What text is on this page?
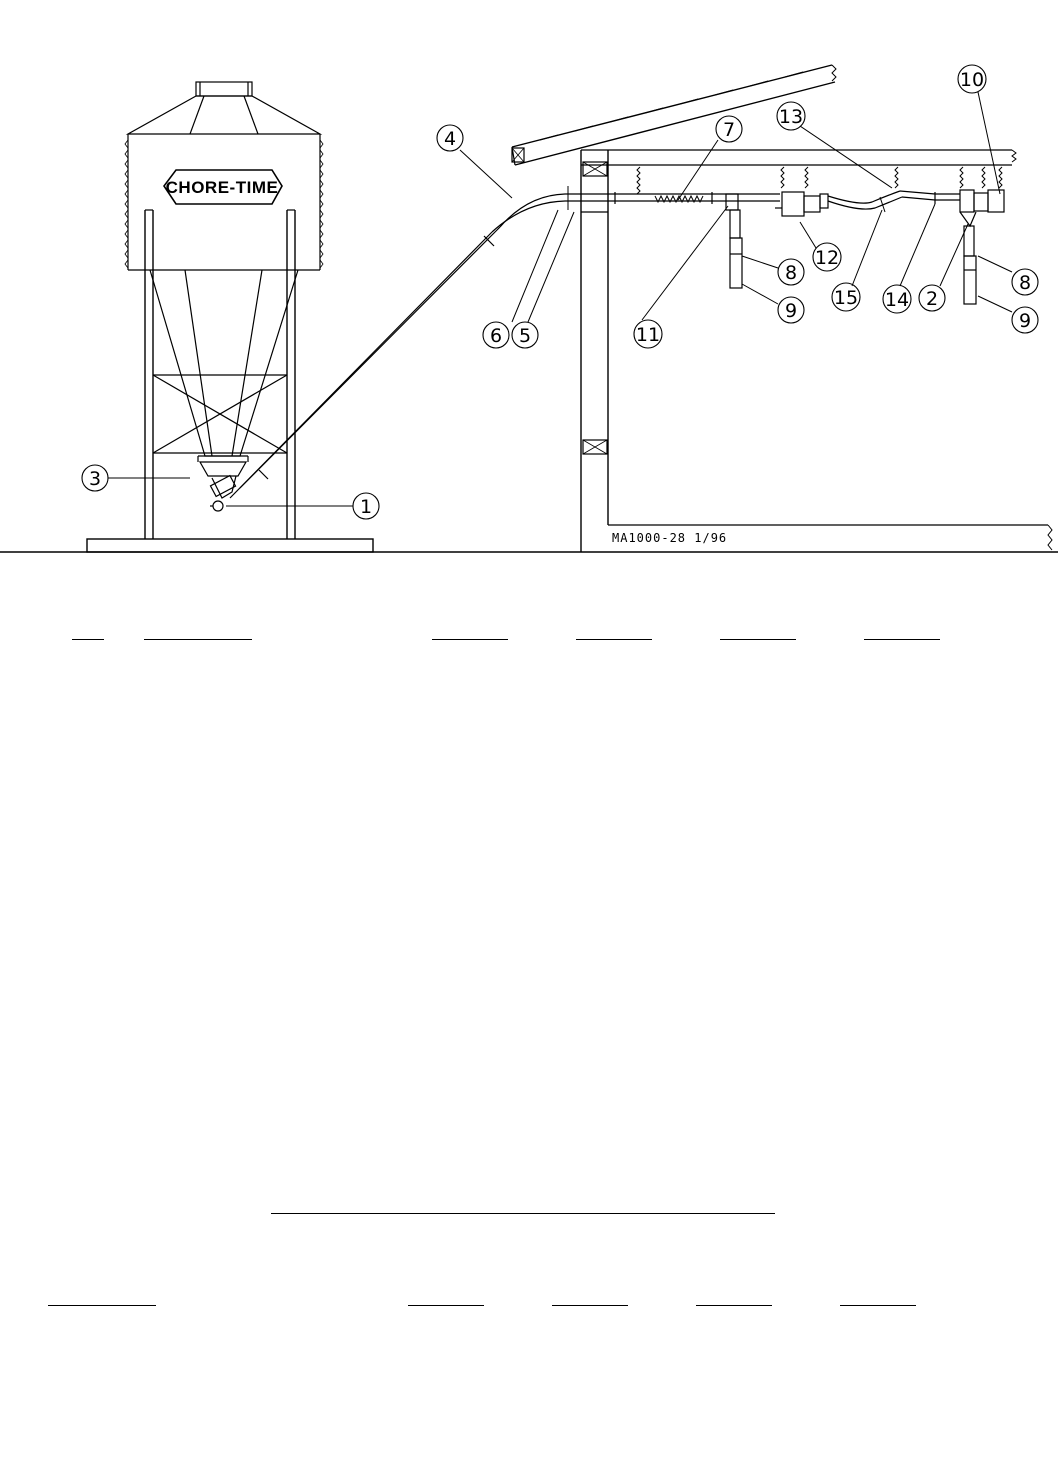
CHORE-TIME
1
2
3
4
5
6
7
8
9
8
9
10
11
12
13
14
15
MA1000-28 1/96
